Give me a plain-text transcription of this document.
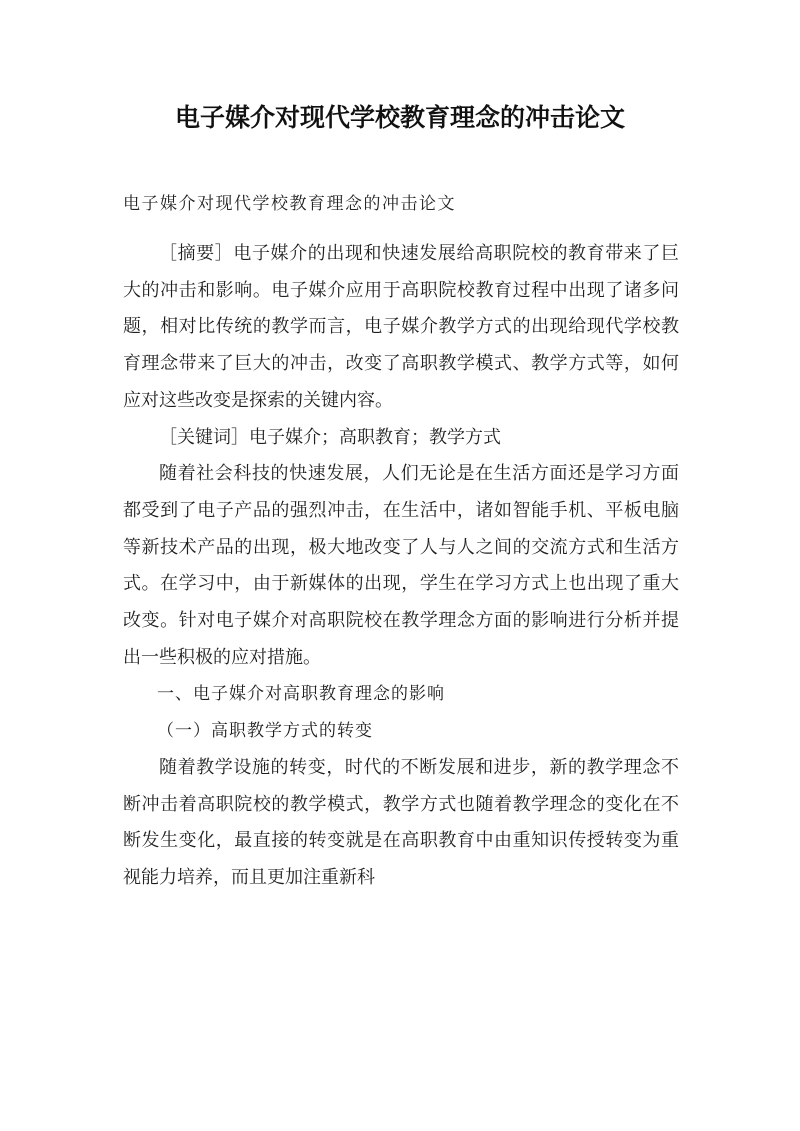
电子媒介对现代学校教育理念的冲击论文

电子媒介对现代学校教育理念的冲击论文

［摘要］电子媒介的出现和快速发展给高职院校的教育带来了巨大的冲击和影响。电子媒介应用于高职院校教育过程中出现了诸多问题，相对比传统的教学而言，电子媒介教学方式的出现给现代学校教育理念带来了巨大的冲击，改变了高职教学模式、教学方式等，如何应对这些改变是探索的关键内容。

［关键词］电子媒介；高职教育；教学方式

随着社会科技的快速发展，人们无论是在生活方面还是学习方面都受到了电子产品的强烈冲击，在生活中，诸如智能手机、平板电脑等新技术产品的出现，极大地改变了人与人之间的交流方式和生活方式。在学习中，由于新媒体的出现，学生在学习方式上也出现了重大改变。针对电子媒介对高职院校在教学理念方面的影响进行分析并提出一些积极的应对措施。

一、电子媒介对高职教育理念的影响

（一）高职教学方式的转变

随着教学设施的转变，时代的不断发展和进步，新的教学理念不断冲击着高职院校的教学模式，教学方式也随着教学理念的变化在不断发生变化，最直接的转变就是在高职教育中由重知识传授转变为重视能力培养，而且更加注重新科
